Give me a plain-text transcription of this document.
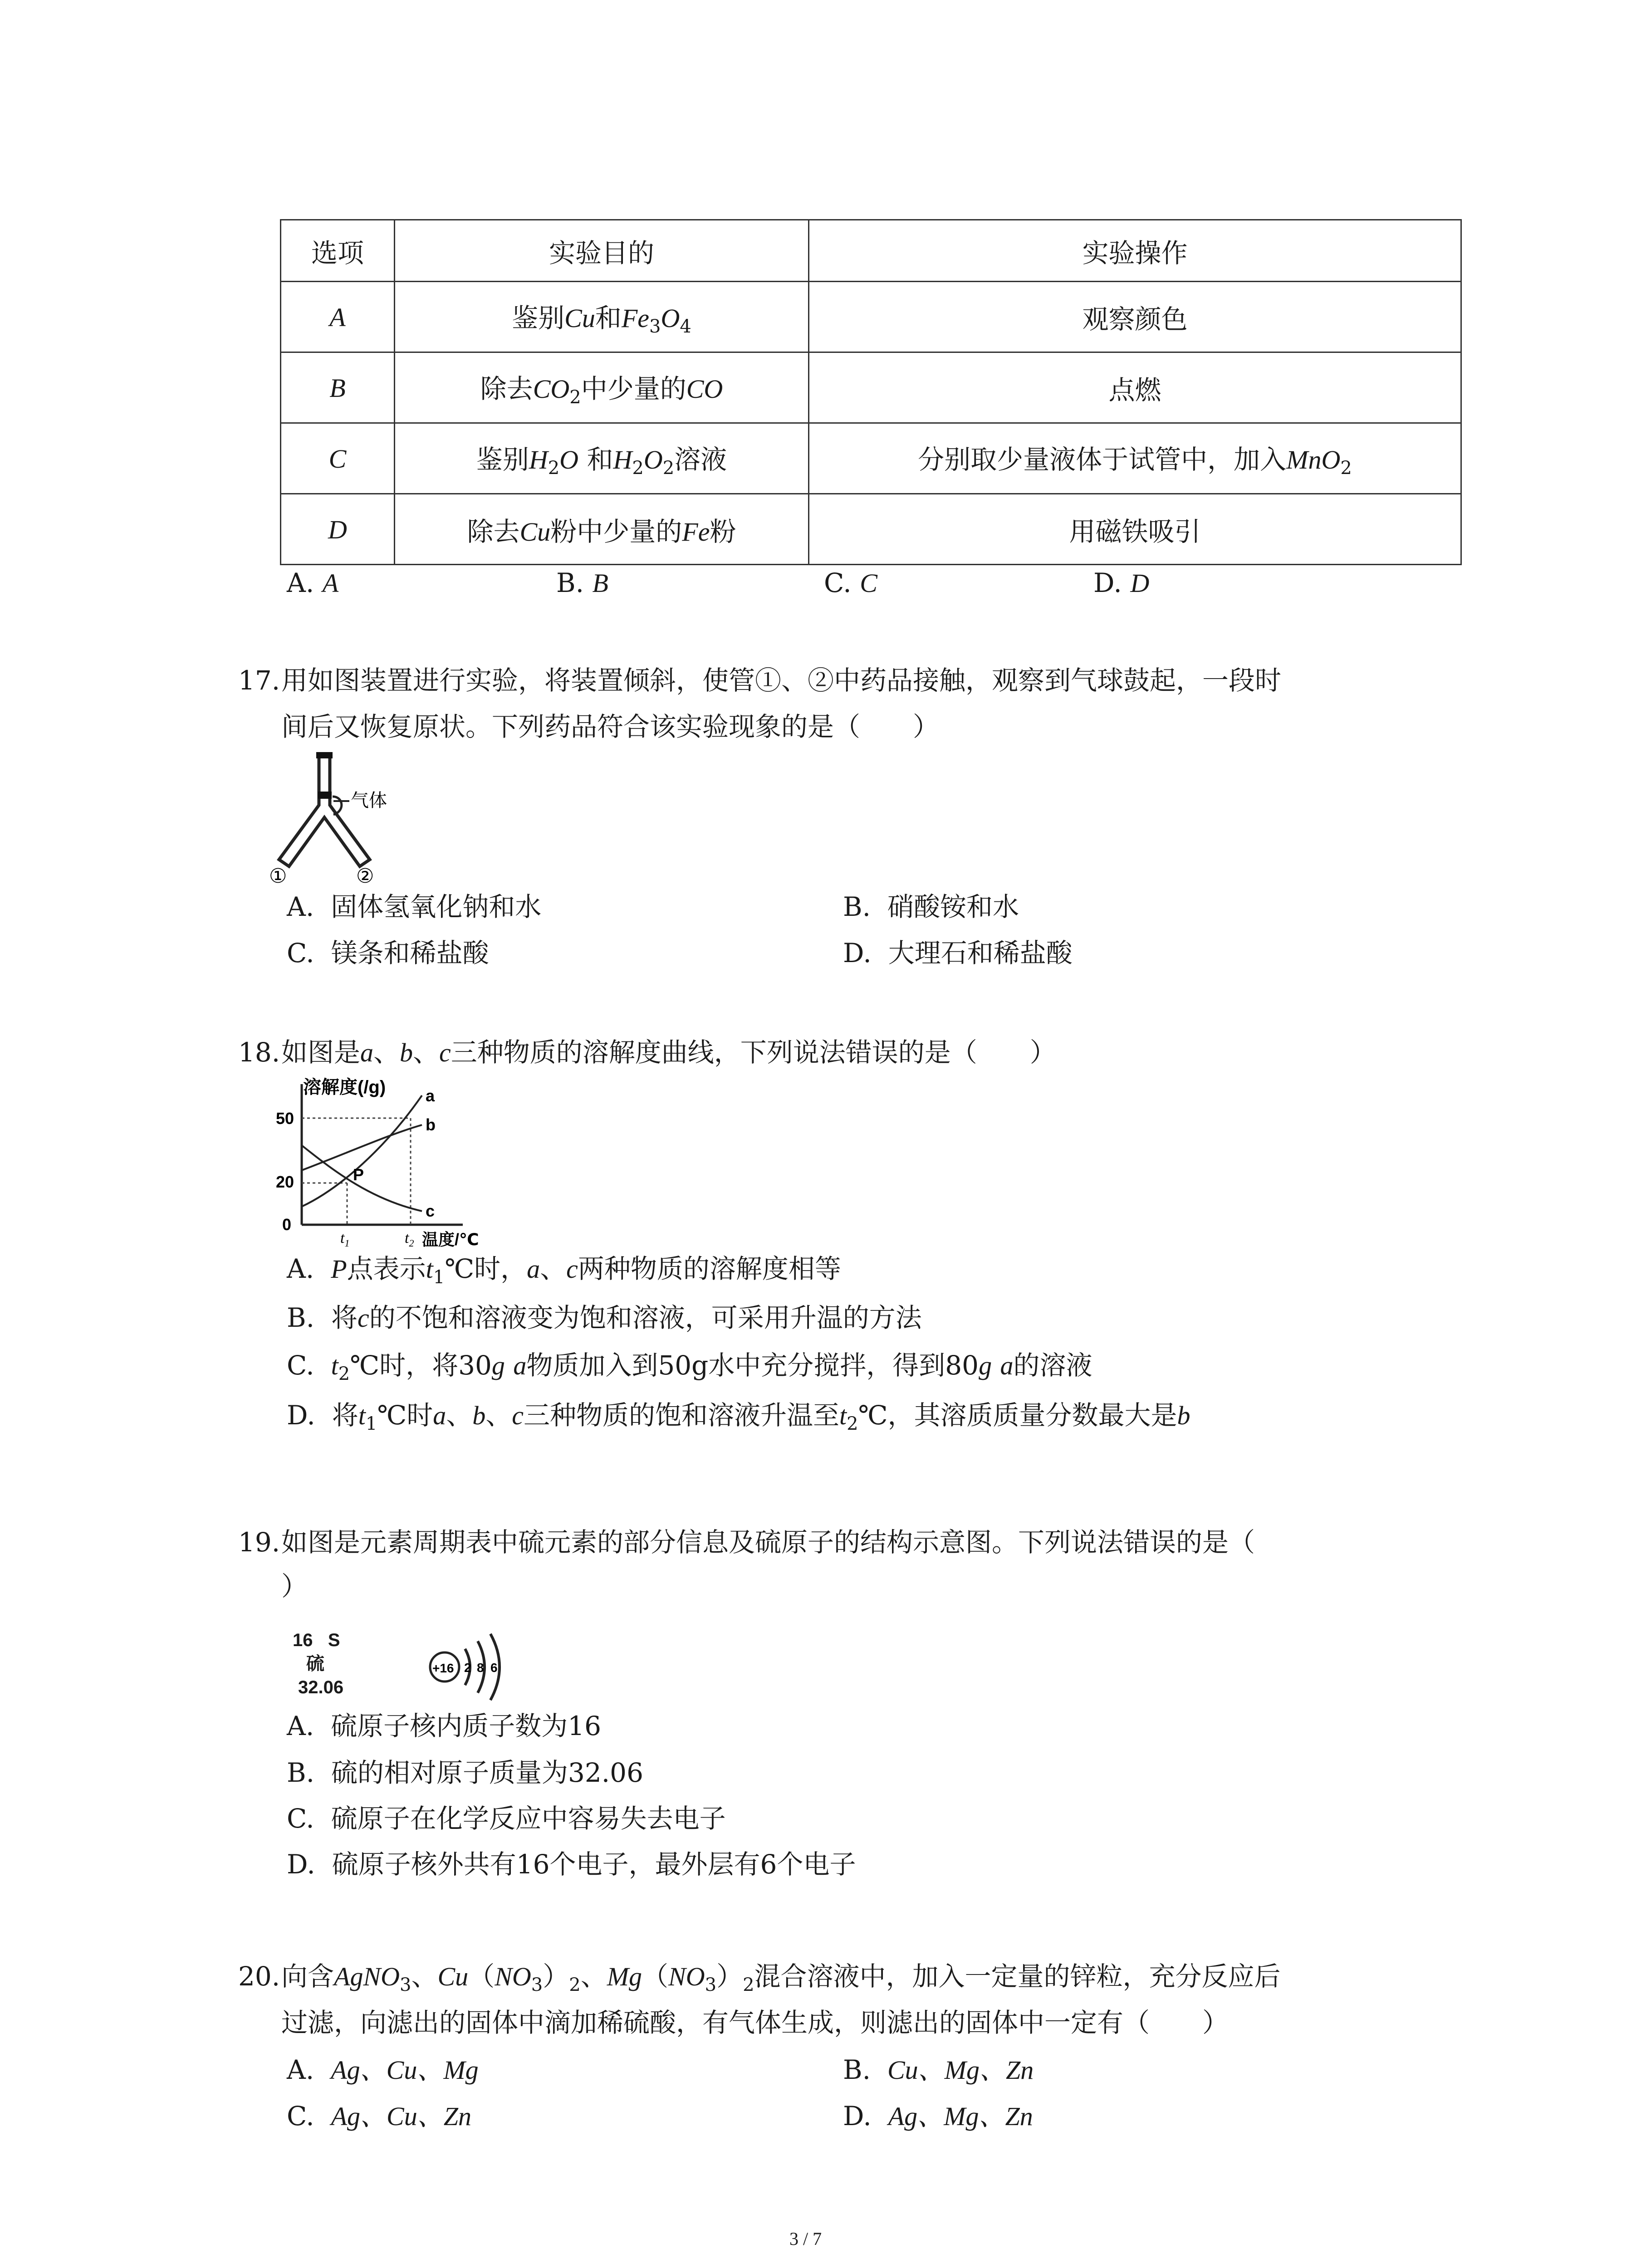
选项	实验目的	实验操作
A	鉴别Cu和$Fe_3O_4$	观察颜色
B	除去$CO_2$中少量的CO	点燃
C	鉴别$H_2O$ 和$H_2O_2$溶液	分别取少量液体于试管中，加入MnO$_2$
D	除去Cu粉中少量的Fe粉	用磁铁吸引
A. A	B. B	C. C	D. D
17. 用如图装置进行实验，将装置倾斜，使管①、②中药品接触，观察到气球鼓起，一段时
间后又恢复原状。下列药品符合该实验现象的是（　　）
气体
①	②
A. 固体氢氧化钠和水	B. 硝酸铵和水
C. 镁条和稀盐酸	D. 大理石和稀盐酸
18. 如图是a、b、c三种物质的溶解度曲线，下列说法错误的是（　　）
溶解度(/g)
温度/℃
50
20
0
a
b
c
P
$t_1$	$t_2$
A. P点表示$t_1℃$时，a、c两种物质的溶解度相等
B. 将c的不饱和溶液变为饱和溶液，可采用升温的方法
C. $t_2℃$时，将30g a物质加入到50g水中充分搅拌，得到80g a的溶液
D. 将$t_1℃$时a、b、c三种物质的饱和溶液升温至$t_2℃$，其溶质质量分数最大是b
19. 如图是元素周期表中硫元素的部分信息及硫原子的结构示意图。下列说法错误的是（
）
16 S
硫
32.06
+16 2 8 6
A. 硫原子核内质子数为16
B. 硫的相对原子质量为32.06
C. 硫原子在化学反应中容易失去电子
D. 硫原子核外共有16个电子，最外层有6个电子
20. 向含AgNO$_3$、$Cu(NO_3)_2$、$Mg(NO_3)_2$混合溶液中，加入一定量的锌粒，充分反应后
过滤，向滤出的固体中滴加稀硫酸，有气体生成，则滤出的固体中一定有（　　）
A. Ag、Cu、Mg	B. Cu、Mg、Zn
C. Ag、Cu、Zn	D. Ag、Mg、Zn
3 / 7
